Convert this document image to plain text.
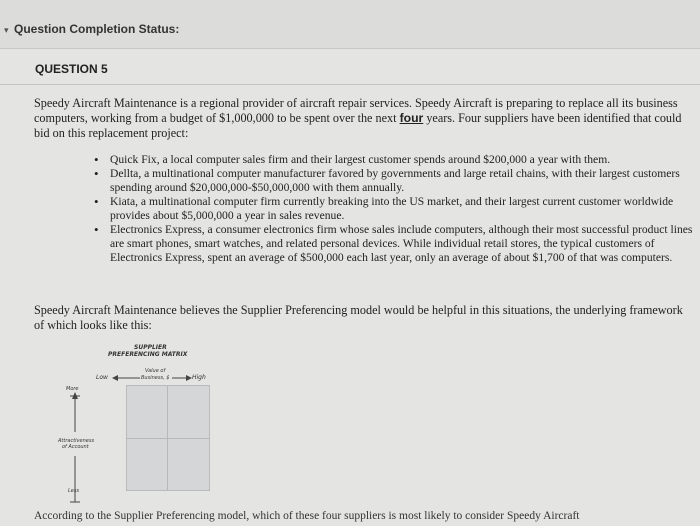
▾ Question Completion Status:
QUESTION 5
Speedy Aircraft Maintenance is a regional provider of aircraft repair services. Speedy Aircraft is preparing to replace all its business computers, working from a budget of $1,000,000 to be spent over the next four years. Four suppliers have been identified that could bid on this replacement project:
• Quick Fix, a local computer sales firm and their largest customer spends around $200,000 a year with them.
• Dellta, a multinational computer manufacturer favored by governments and large retail chains, with their largest customers spending around $20,000,000-$50,000,000 with them annually.
• Kiata, a multinational computer firm currently breaking into the US market, and their largest current customer worldwide provides about $5,000,000 a year in sales revenue.
• Electronics Express, a consumer electronics firm whose sales include computers, although their most successful product lines are smart phones, smart watches, and related personal devices. While individual retail stores, the typical customers of Electronics Express, spent an average of $500,000 each last year, only an average of about $1,700 of that was computers.
Speedy Aircraft Maintenance believes the Supplier Preferencing model would be helpful in this situations, the underlying framework of which looks like this:
SUPPLIER
PREFERENCING MATRIX
Low
Value of
Business, $	High
More
Attractiveness
of Account
Less
According to the Supplier Preferencing model, which of these four suppliers is most likely to consider Speedy Aircraft
